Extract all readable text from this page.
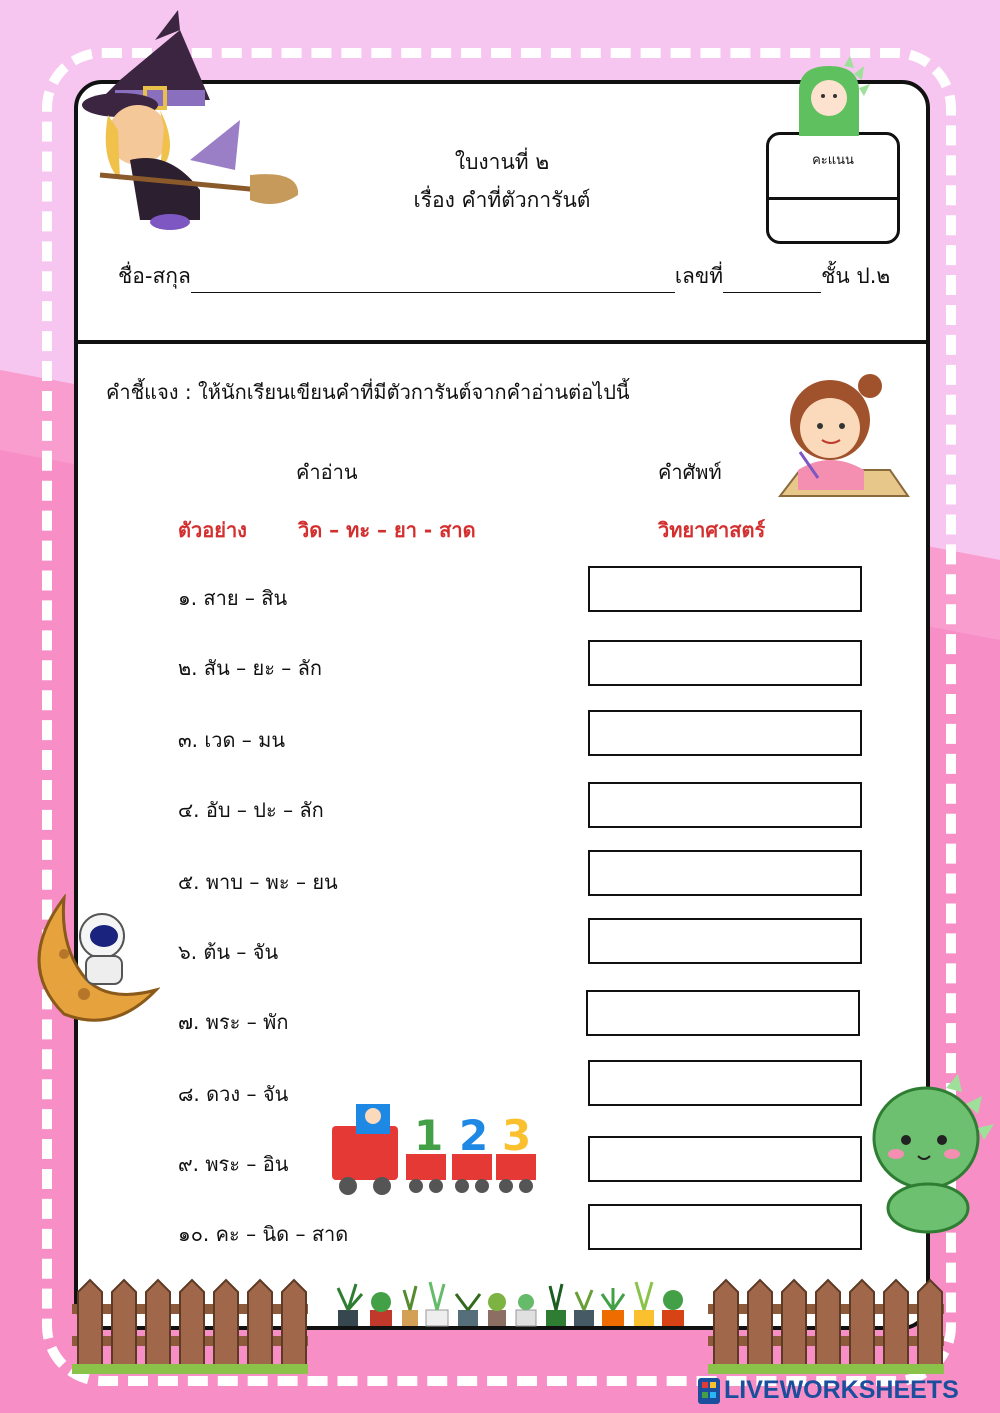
ใบงานที่ ๒
เรื่อง คำที่ตัวการันต์
ชื่อ-สกุล	เลขที่	ชั้น ป.๒
คะแนน
คำชี้แจง : ให้นักเรียนเขียนคำที่มีตัวการันต์จากคำอ่านต่อไปนี้
คำอ่าน	คำศัพท์
ตัวอย่าง	วิด – ทะ – ยา - สาด	วิทยาศาสตร์
๑. สาย – สิน
๒. สัน – ยะ – ลัก
๓. เวด – มน
๔. อับ – ปะ – ลัก
๕. พาบ – พะ – ยน
๖. ต้น – จัน
๗. พระ – พัก
๘. ดวง – จัน
๙. พระ – อิน
๑๐. คะ – นิด – สาด
1 2 3
LIVEWORKSHEETS
